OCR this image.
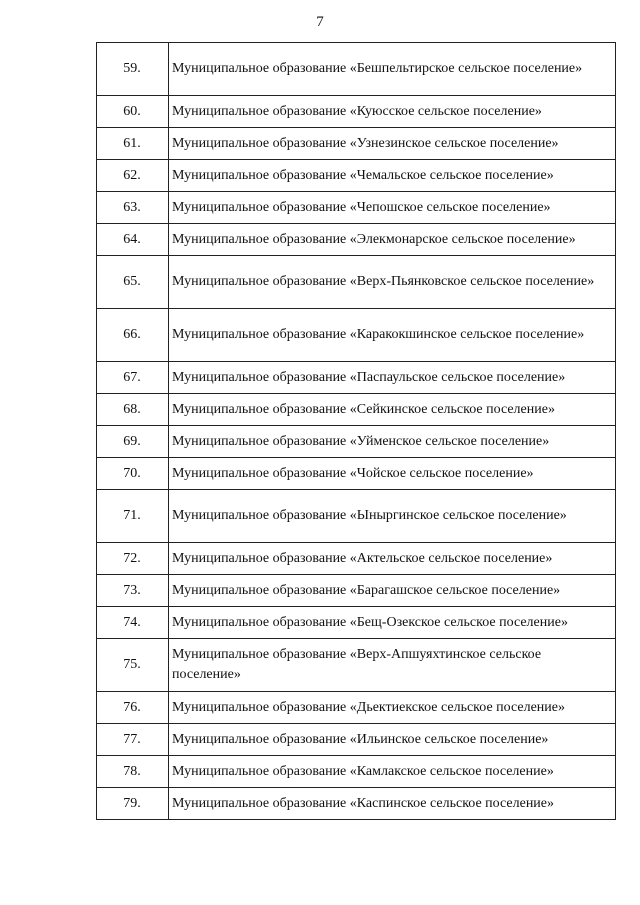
7
59.	Муниципальное образование «Бешпельтирское сельское поселение»
60.	Муниципальное образование «Куюсское сельское поселение»
61.	Муниципальное образование «Узнезинское сельское поселение»
62.	Муниципальное образование «Чемальское сельское поселение»
63.	Муниципальное образование «Чепошское сельское поселение»
64.	Муниципальное образование «Элекмонарское сельское поселение»
65.	Муниципальное образование «Верх-Пьянковское сельское поселение»
66.	Муниципальное образование «Каракокшинское сельское поселение»
67.	Муниципальное образование «Паспаульское сельское поселение»
68.	Муниципальное образование «Сейкинское сельское поселение»
69.	Муниципальное образование «Уйменское сельское поселение»
70.	Муниципальное образование «Чойское сельское поселение»
71.	Муниципальное образование «Ыныргинское сельское поселение»
72.	Муниципальное образование «Актельское сельское поселение»
73.	Муниципальное образование «Барагашское сельское поселение»
74.	Муниципальное образование «Бещ-Озекское сельское поселение»
75.	Муниципальное образование «Верх-Апшуяхтинское сельское поселение»
76.	Муниципальное образование «Дьектиекское сельское поселение»
77.	Муниципальное образование «Ильинское сельское поселение»
78.	Муниципальное образование «Камлакское сельское поселение»
79.	Муниципальное образование «Каспинское сельское поселение»
